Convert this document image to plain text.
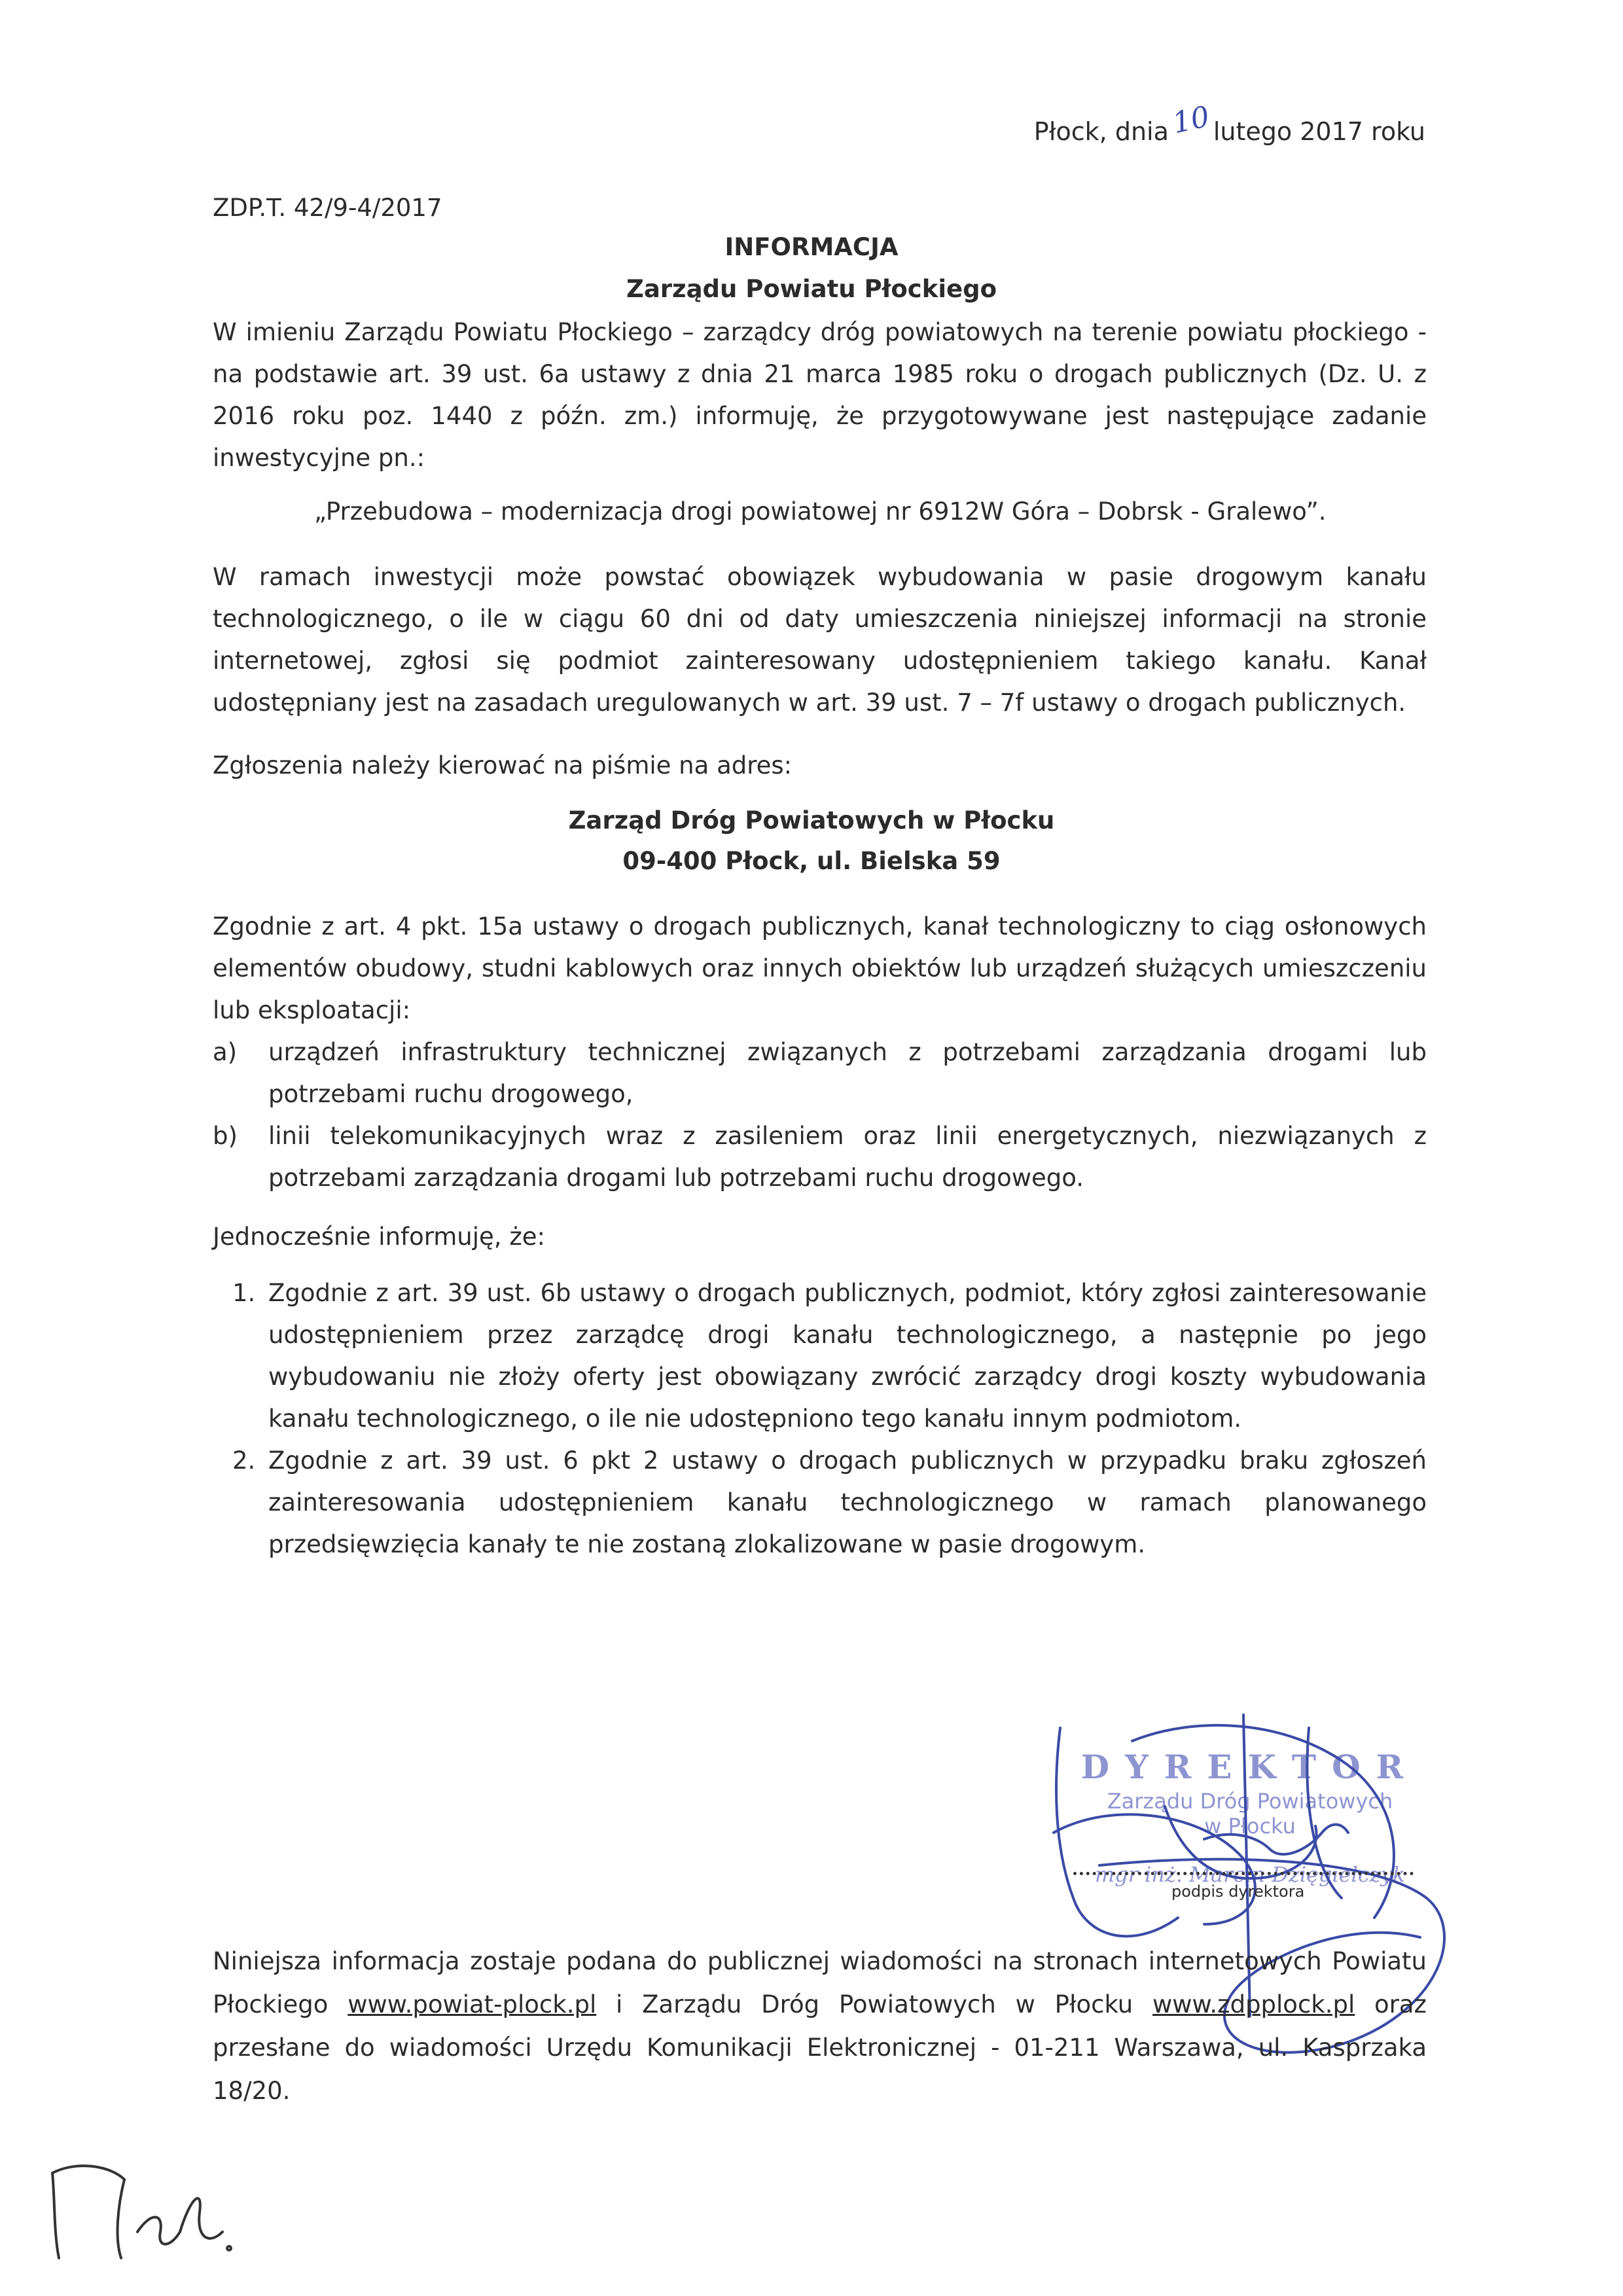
Płock, dnia10lutego 2017 roku
ZDP.T. 42/9-4/2017
INFORMACJA
Zarządu Powiatu Płockiego
W imieniu Zarządu Powiatu Płockiego – zarządcy dróg powiatowych na terenie powiatu płockiego - na podstawie art. 39 ust. 6a ustawy z dnia 21 marca 1985 roku o drogach publicznych (Dz. U. z 2016 roku poz. 1440 z późn. zm.) informuję, że przygotowywane jest następujące zadanie inwestycyjne pn.:
„Przebudowa – modernizacja drogi powiatowej nr 6912W Góra – Dobrsk - Gralewo”.
W ramach inwestycji może powstać obowiązek wybudowania w pasie drogowym kanału technologicznego, o ile w ciągu 60 dni od daty umieszczenia niniejszej informacji na stronie internetowej, zgłosi się podmiot zainteresowany udostępnieniem takiego kanału. Kanał udostępniany jest na zasadach uregulowanych w art. 39 ust. 7 – 7f ustawy o drogach publicznych.
Zgłoszenia należy kierować na piśmie na adres:
Zarząd Dróg Powiatowych w Płocku
09-400 Płock, ul. Bielska 59
Zgodnie z art. 4 pkt. 15a ustawy o drogach publicznych, kanał technologiczny to ciąg osłonowych elementów obudowy, studni kablowych oraz innych obiektów lub urządzeń służących umieszczeniu lub eksploatacji:
a) urządzeń infrastruktury technicznej związanych z potrzebami zarządzania drogami lub potrzebami ruchu drogowego,
b) linii telekomunikacyjnych wraz z zasileniem oraz linii energetycznych, niezwiązanych z potrzebami zarządzania drogami lub potrzebami ruchu drogowego.
Jednocześnie informuję, że:
1. Zgodnie z art. 39 ust. 6b ustawy o drogach publicznych, podmiot, który zgłosi zainteresowanie udostępnieniem przez zarządcę drogi kanału technologicznego, a następnie po jego wybudowaniu nie złoży oferty jest obowiązany zwrócić zarządcy drogi koszty wybudowania kanału technologicznego, o ile nie udostępniono tego kanału innym podmiotom.
2. Zgodnie z art. 39 ust. 6 pkt 2 ustawy o drogach publicznych w przypadku braku zgłoszeń zainteresowania udostępnieniem kanału technologicznego w ramach planowanego przedsięwzięcia kanały te nie zostaną zlokalizowane w pasie drogowym.
DYREKTOR
Zarządu Dróg Powiatowych
w Płocku
mgr inż. Marcin Dzięgielczyk
podpis dyrektora
Niniejsza informacja zostaje podana do publicznej wiadomości na stronach internetowych Powiatu Płockiego www.powiat-plock.pl i Zarządu Dróg Powiatowych w Płocku www.zdpplock.pl oraz przesłane do wiadomości Urzędu Komunikacji Elektronicznej - 01-211 Warszawa, ul. Kasprzaka 18/20.
